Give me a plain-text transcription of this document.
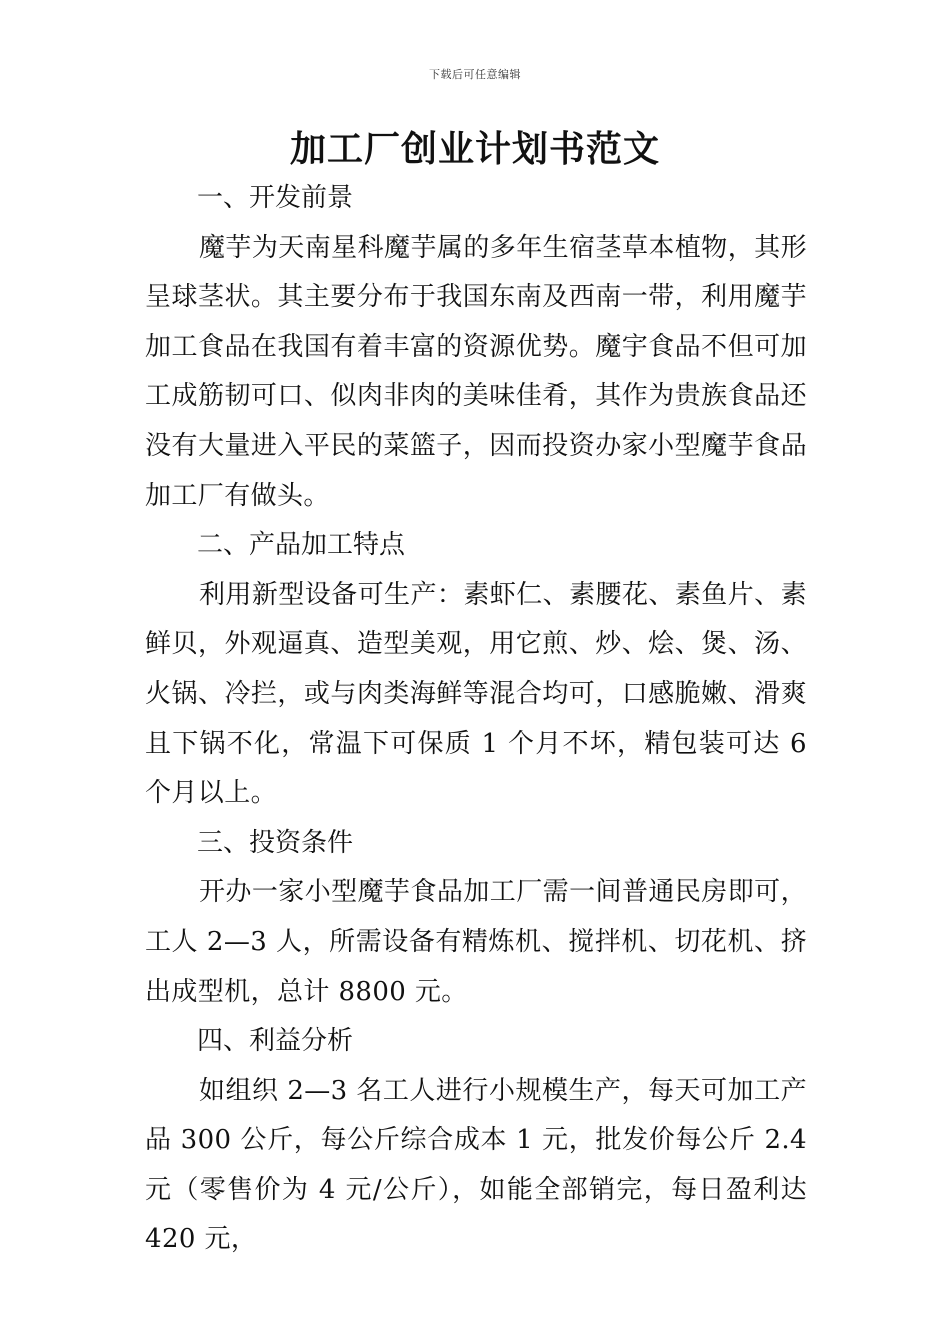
下载后可任意编辑
加工厂创业计划书范文

一、开发前景

魔芋为天南星科魔芋属的多年生宿茎草本植物，其形呈球茎状。其主要分布于我国东南及西南一带，利用魔芋加工食品在我国有着丰富的资源优势。魔宇食品不但可加工成筋韧可口、似肉非肉的美味佳肴，其作为贵族食品还没有大量进入平民的菜篮子，因而投资办家小型魔芋食品加工厂有做头。

二、产品加工特点

利用新型设备可生产：素虾仁、素腰花、素鱼片、素鲜贝，外观逼真、造型美观，用它煎、炒、烩、煲、汤、火锅、冷拦，或与肉类海鲜等混合均可，口感脆嫩、滑爽且下锅不化，常温下可保质 1 个月不坏，精包装可达 6 个月以上。

三、投资条件

开办一家小型魔芋食品加工厂需一间普通民房即可，工人 2—3 人，所需设备有精炼机、搅拌机、切花机、挤出成型机，总计 8800 元。

四、利益分析

如组织 2—3 名工人进行小规模生产，每天可加工产品 300 公斤，每公斤综合成本 1 元，批发价每公斤 2.4 元（零售价为 4 元/公斤），如能全部销完，每日盈利达 420 元，
